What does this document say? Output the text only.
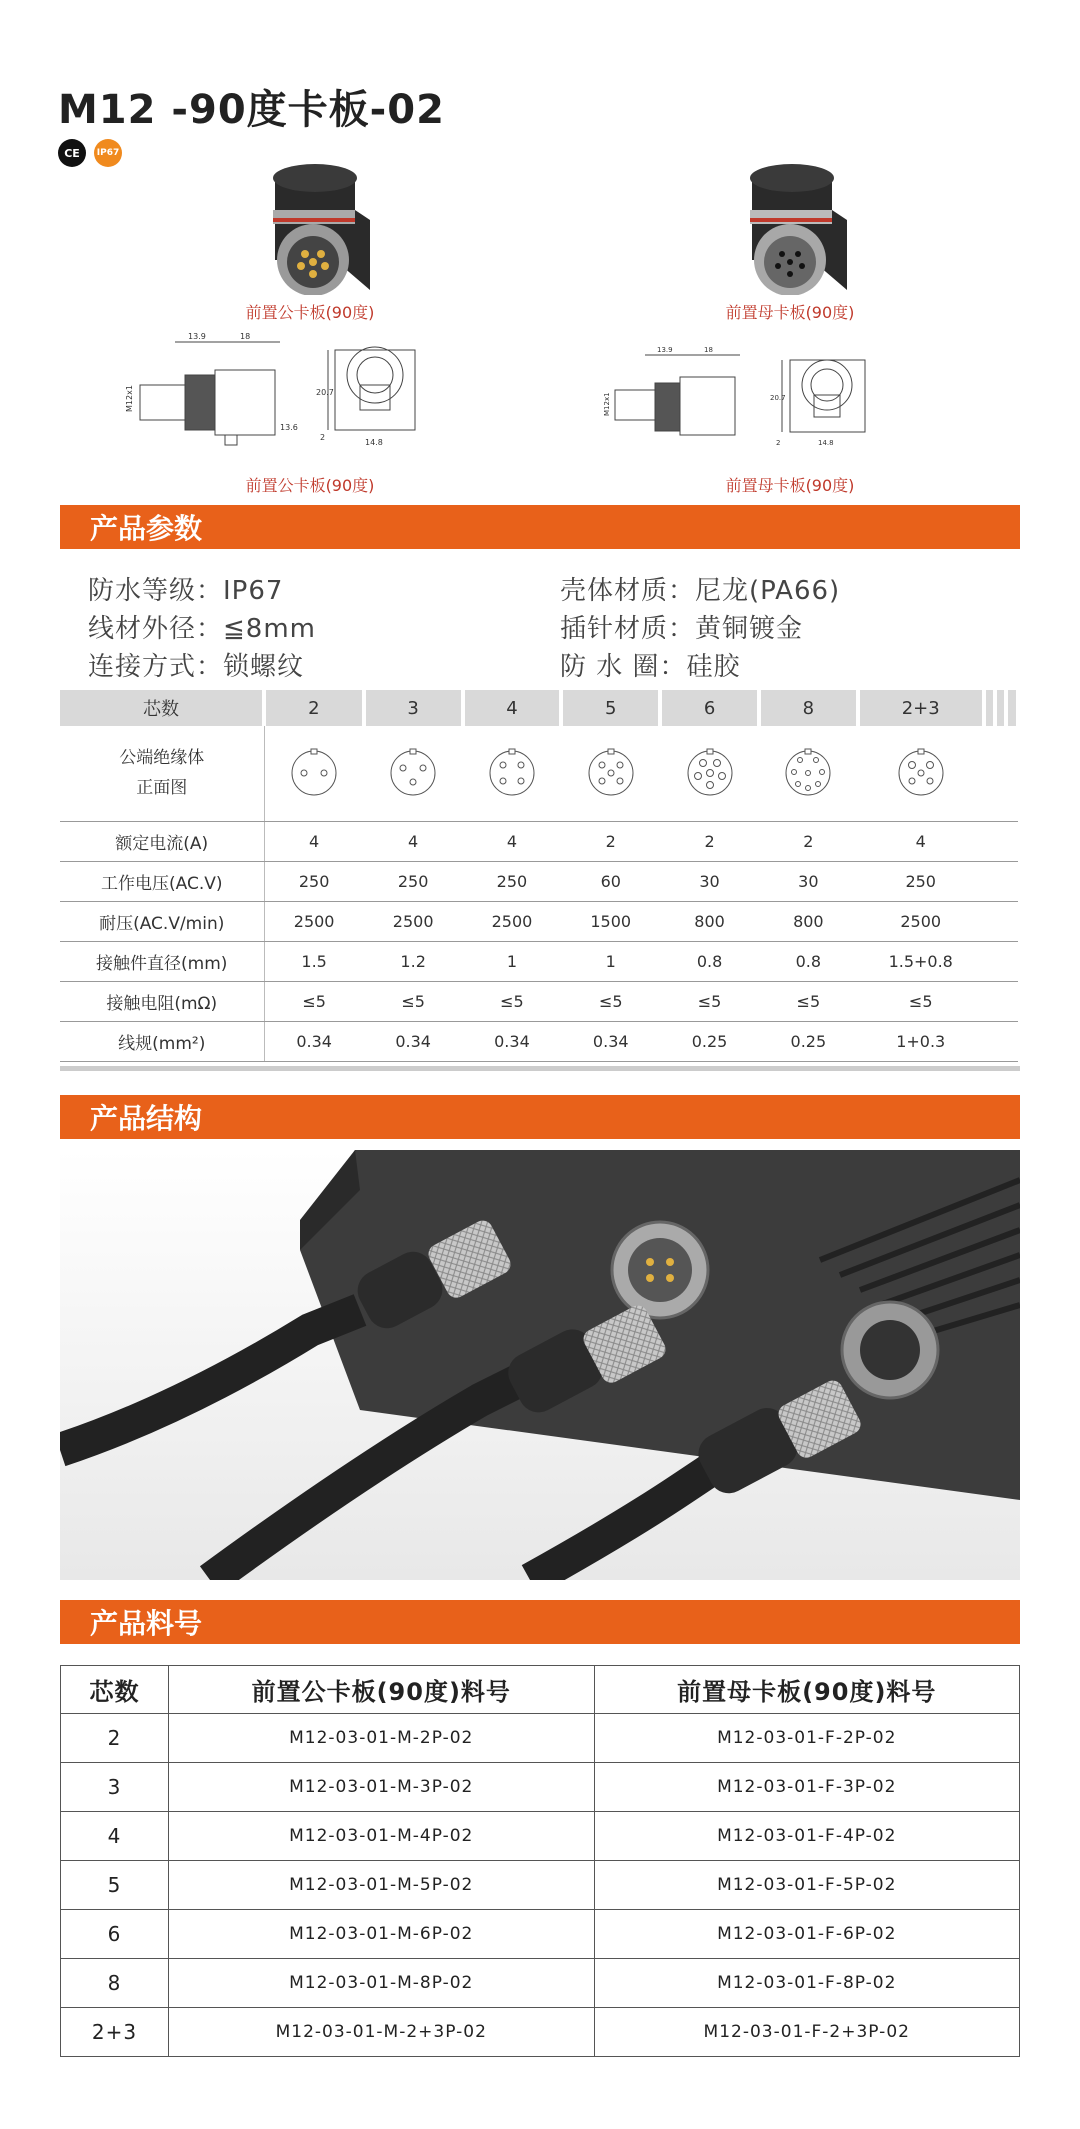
M12 -90度卡板-02
CE	IP67
前置公卡板(90度)	前置母卡板(90度)
13.9	18
M12x1
13.6
20.7
2
14.8
13.9	18
M12x1	20.7
2	14.8
前置公卡板(90度)	前置母卡板(90度)
产品参数
防水等级：IP67
线材外径：≦8mm
连接方式：锁螺纹
壳体材质：尼龙(PA66)
插针材质：黄铜镀金
防 水 圈：硅胶
芯数	2	3	4	5	6	8	2+3			
公端绝缘体
正面图	

额定电流(A)	4	4	4	2	2	2	4			
工作电压(AC.V)	250	250	250	60	30	30	250			
耐压(AC.V/min)	2500	2500	2500	1500	800	800	2500			
接触件直径(mm)	1.5	1.2	1	1	0.8	0.8	1.5+0.8			
接触电阻(mΩ)	≤5	≤5	≤5	≤5	≤5	≤5	≤5			
线规(mm²)	0.34	0.34	0.34	0.34	0.25	0.25	1+0.3			
产品结构
产品料号
芯数	前置公卡板(90度)料号	前置母卡板(90度)料号
2	M12-03-01-M-2P-02	M12-03-01-F-2P-02
3	M12-03-01-M-3P-02	M12-03-01-F-3P-02
4	M12-03-01-M-4P-02	M12-03-01-F-4P-02
5	M12-03-01-M-5P-02	M12-03-01-F-5P-02
6	M12-03-01-M-6P-02	M12-03-01-F-6P-02
8	M12-03-01-M-8P-02	M12-03-01-F-8P-02
2+3	M12-03-01-M-2+3P-02	M12-03-01-F-2+3P-02
